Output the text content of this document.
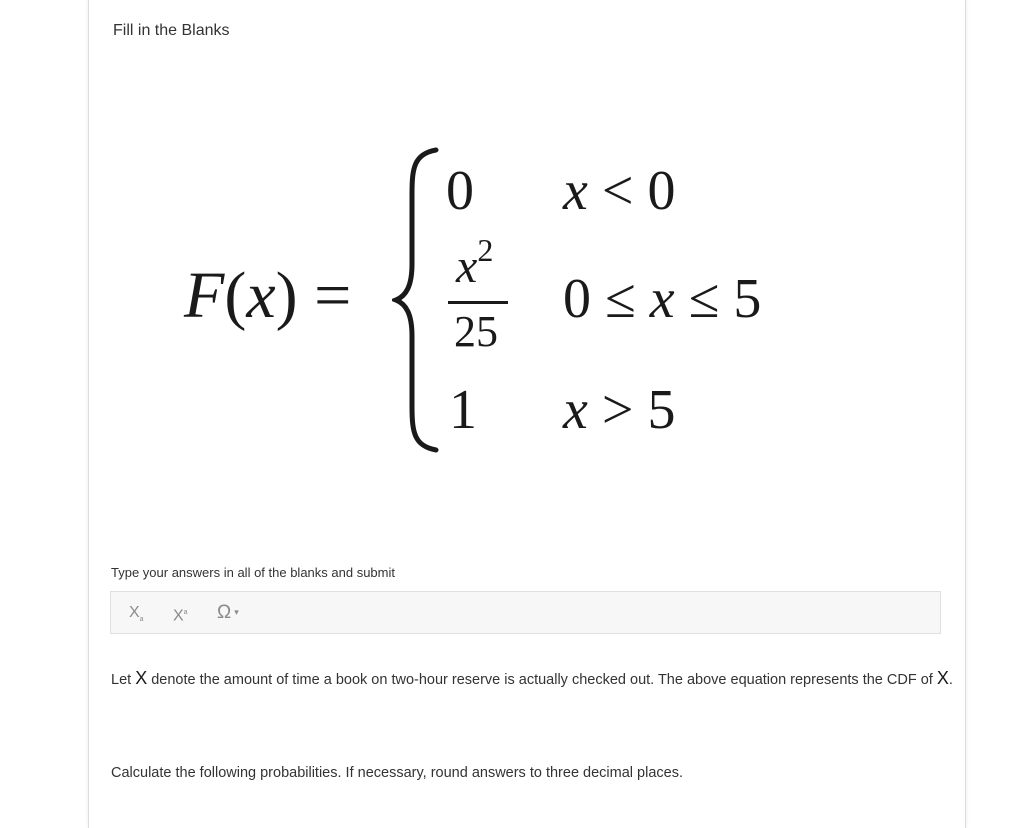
Fill in the Blanks
F(x) =
0 x < 0
$x^2$
25
0 ≤ x ≤ 5
1 x > 5
Type your answers in all of the blanks and submit
$X_a$ $X^a$ Ω ▾
Let X denote the amount of time a book on two-hour reserve is actually checked out. The above equation represents the CDF of X.
Calculate the following probabilities. If necessary, round answers to three decimal places.
